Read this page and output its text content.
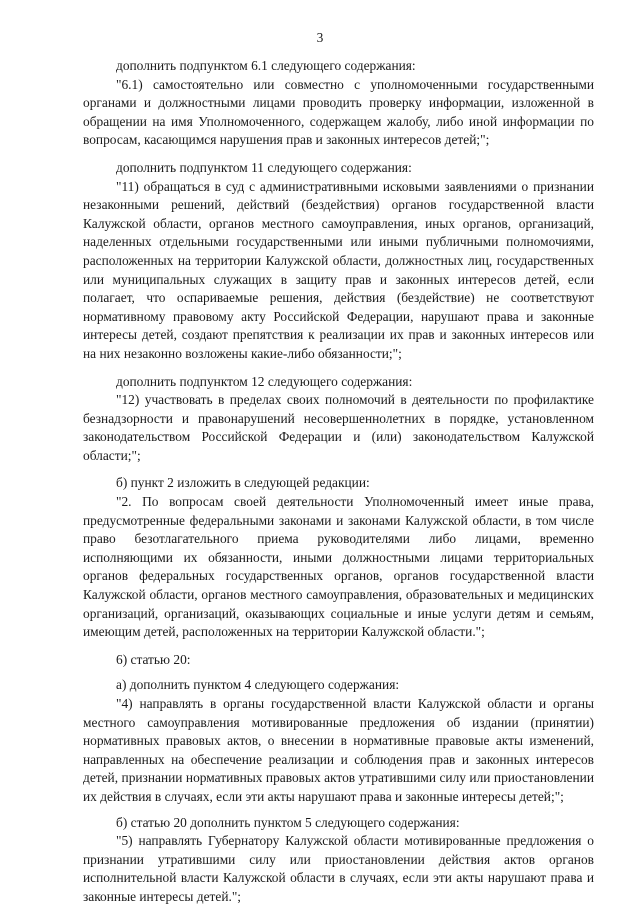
3

дополнить подпунктом 6.1 следующего содержания:

"6.1) самостоятельно или совместно с уполномоченными государственными органами и должностными лицами проводить проверку информации, изложенной в обращении на имя Уполномоченного, содержащем жалобу, либо иной информации по вопросам, касающимся нарушения прав и законных интересов детей;";

дополнить подпунктом 11 следующего содержания:

"11) обращаться в суд с административными исковыми заявлениями о признании незаконными решений, действий (бездействия) органов государственной власти Калужской области, органов местного самоуправления, иных органов, организаций, наделенных отдельными государственными или иными публичными полномочиями, расположенных на территории Калужской области, должностных лиц, государственных или муниципальных служащих в защиту прав и законных интересов детей, если полагает, что оспариваемые решения, действия (бездействие) не соответствуют нормативному правовому акту Российской Федерации, нарушают права и законные интересы детей, создают препятствия к реализации их прав и законных интересов или на них незаконно возложены какие-либо обязанности;";

дополнить подпунктом 12 следующего содержания:

"12) участвовать в пределах своих полномочий в деятельности по профилактике безнадзорности и правонарушений несовершеннолетних в порядке, установленном законодательством Российской Федерации и (или) законодательством Калужской области;";

б) пункт 2 изложить в следующей редакции:

"2. По вопросам своей деятельности Уполномоченный имеет иные права, предусмотренные федеральными законами и законами Калужской области, в том числе право безотлагательного приема руководителями либо лицами, временно исполняющими их обязанности, иными должностными лицами территориальных органов федеральных государственных органов, органов государственной власти Калужской области, органов местного самоуправления, образовательных и медицинских организаций, организаций, оказывающих социальные и иные услуги детям и семьям, имеющим детей, расположенных на территории Калужской области.";

6) статью 20:

а) дополнить пунктом 4 следующего содержания:

"4) направлять в органы государственной власти Калужской области и органы местного самоуправления мотивированные предложения об издании (принятии) нормативных правовых актов, о внесении в нормативные правовые акты изменений, направленных на обеспечение реализации и соблюдения прав и законных интересов детей, признании нормативных правовых актов утратившими силу или приостановлении их действия в случаях, если эти акты нарушают права и законные интересы детей;";

б) статью 20 дополнить пунктом 5 следующего содержания:

"5) направлять Губернатору Калужской области мотивированные предложения о признании утратившими силу или приостановлении действия актов органов исполнительной власти Калужской области в случаях, если эти акты нарушают права и законные интересы детей.";
